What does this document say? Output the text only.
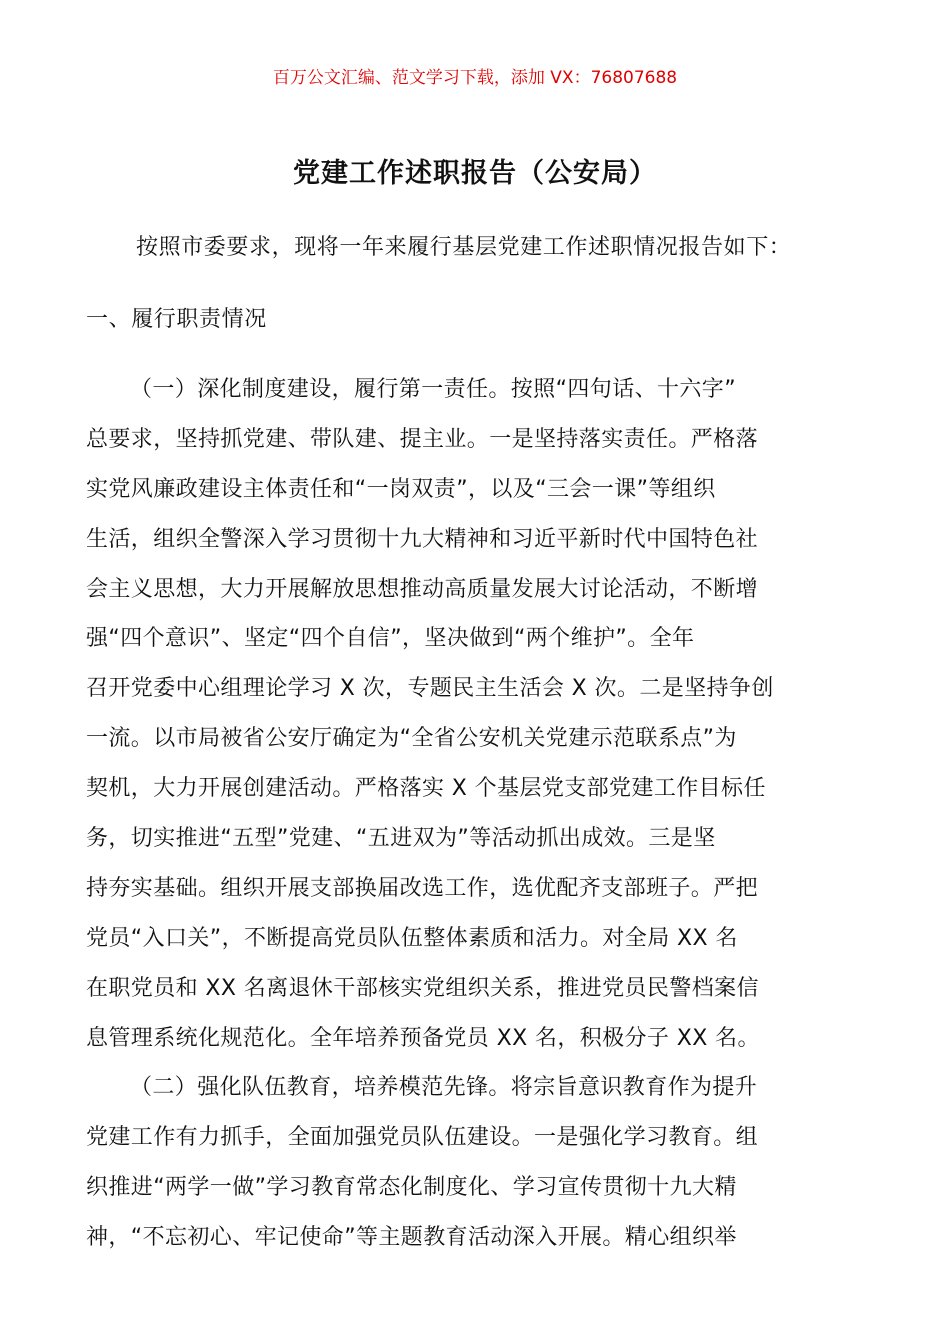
百万公文汇编、范文学习下载，添加 VX：76807688
党建工作述职报告（公安局）
按照市委要求，现将一年来履行基层党建工作述职情况报告如下：
一、履行职责情况
（一）深化制度建设，履行第一责任。按照“四句话、十六字”
总要求，坚持抓党建、带队建、提主业。一是坚持落实责任。严格落
实党风廉政建设主体责任和“一岗双责”，以及“三会一课”等组织
生活，组织全警深入学习贯彻十九大精神和习近平新时代中国特色社
会主义思想，大力开展解放思想推动高质量发展大讨论活动，不断增
强“四个意识”、坚定“四个自信”，坚决做到“两个维护”。全年
召开党委中心组理论学习 X 次，专题民主生活会 X 次。二是坚持争创
一流。以市局被省公安厅确定为“全省公安机关党建示范联系点”为
契机，大力开展创建活动。严格落实 X 个基层党支部党建工作目标任
务，切实推进“五型”党建、“五进双为”等活动抓出成效。三是坚
持夯实基础。组织开展支部换届改选工作，选优配齐支部班子。严把
党员“入口关”，不断提高党员队伍整体素质和活力。对全局 XX 名
在职党员和 XX 名离退休干部核实党组织关系，推进党员民警档案信
息管理系统化规范化。全年培养预备党员 XX 名，积极分子 XX 名。
（二）强化队伍教育，培养模范先锋。将宗旨意识教育作为提升
党建工作有力抓手，全面加强党员队伍建设。一是强化学习教育。组
织推进“两学一做”学习教育常态化制度化、学习宣传贯彻十九大精
神，“不忘初心、牢记使命”等主题教育活动深入开展。精心组织举
